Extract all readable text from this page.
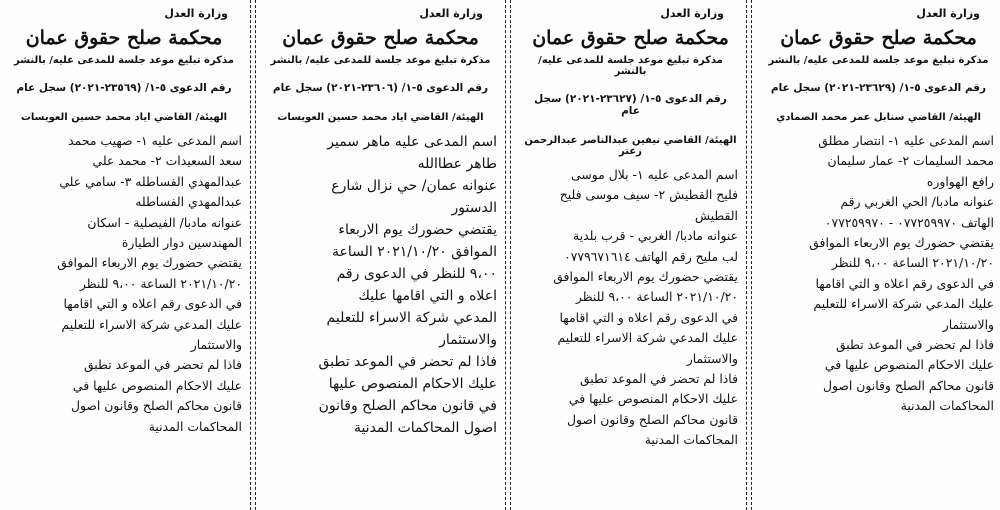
وزارة العدل
محكمة صلح حقوق عمان
مذكرة تبليغ موعد جلسة للمدعى عليه/ بالنشر
رقم الدعوى ٥-١/ (٢٣٦٢٩-٢٠٢١) سجل عام
الهيئة/ القاضي سنابل عمر محمد الصمادي

اسم المدعى عليه ١- انتصار مطلق

محمد السليمات ٢- عمار سليمان

رافع الهواوره

عنوانه مادبا/ الحي الغربي رقم

الهاتف ٠٧٧٢٥٩٩٧٠ - ٠٧٧٢٥٩٩٧٠

يقتضي حضورك يوم الاربعاء الموافق

٢٠٢١/١٠/٢٠ الساعة ٩،٠٠ للنظر

في الدعوى رقم اعلاه و التي اقامها

عليك المدعي شركة الاسراء للتعليم

والاستثمار

فاذا لم تحضر في الموعد تطبق

عليك الاحكام المنصوص عليها في

قانون محاكم الصلح وقانون اصول

المحاكمات المدنية

وزارة العدل
محكمة صلح حقوق عمان
مذكرة تبليغ موعد جلسة للمدعى عليه/ بالنشر
رقم الدعوى ٥-١/ (٢٣٦٢٧-٢٠٢١) سجل عام
الهيئة/ القاضي نيفين عبدالناصر عبدالرحمن زعتر

اسم المدعى عليه ١- بلال موسى

فليح القطيش ٢- سيف موسى فليح

القطيش

عنوانه مادبا/ الغربي - قرب بلدية

لب مليح رقم الهاتف ٠٧٧٩٦٧١٦١٤

يقتضي حضورك يوم الاربعاء الموافق

٢٠٢١/١٠/٢٠ الساعة ٩،٠٠ للنظر

في الدعوى رقم اعلاه و التي اقامها

عليك المدعي شركة الاسراء للتعليم

والاستثمار

فاذا لم تحضر في الموعد تطبق

عليك الاحكام المنصوص عليها في

قانون محاكم الصلح وقانون اصول

المحاكمات المدنية

وزارة العدل
محكمة صلح حقوق عمان
مذكرة تبليغ موعد جلسة للمدعى عليه/ بالنشر
رقم الدعوى ٥-١/ (٢٣٦٠٦-٢٠٢١) سجل عام
الهيئة/ القاضي اياد محمد حسين العويسات

اسم المدعى عليه ماهر سمير

طاهر عطاالله

عنوانه عمان/ حي نزال شارع

الدستور

يقتضي حضورك يوم الاربعاء

الموافق ٢٠٢١/١٠/٢٠ الساعة

٩،٠٠ للنظر في الدعوى رقم

اعلاه و التي اقامها عليك

المدعي شركة الاسراء للتعليم

والاستثمار

فاذا لم تحضر في الموعد تطبق

عليك الاحكام المنصوص عليها

في قانون محاكم الصلح وقانون

اصول المحاكمات المدنية

وزارة العدل
محكمة صلح حقوق عمان
مذكرة تبليغ موعد جلسة للمدعى عليه/ بالنشر
رقم الدعوى ٥-١/ (٢٣٥٦٩-٢٠٢١) سجل عام
الهيئة/ القاضي اياد محمد حسين العويسات

اسم المدعى عليه ١- صهيب محمد

سعد السعيدات ٢- محمد علي

عبدالمهدي الفساطله ٣- سامي علي

عبدالمهدي الفساطله

عنوانه مادبا/ الفيصلية - اسكان

المهندسين دوار الطيارة

يقتضي حضورك يوم الاربعاء الموافق

٢٠٢١/١٠/٢٠ الساعة ٩،٠٠ للنظر

في الدعوى رقم اعلاه و التي اقامها

عليك المدعي شركة الاسراء للتعليم

والاستثمار

فاذا لم تحضر في الموعد تطبق

عليك الاحكام المنصوص عليها في

قانون محاكم الصلح وقانون اصول

المحاكمات المدنية
